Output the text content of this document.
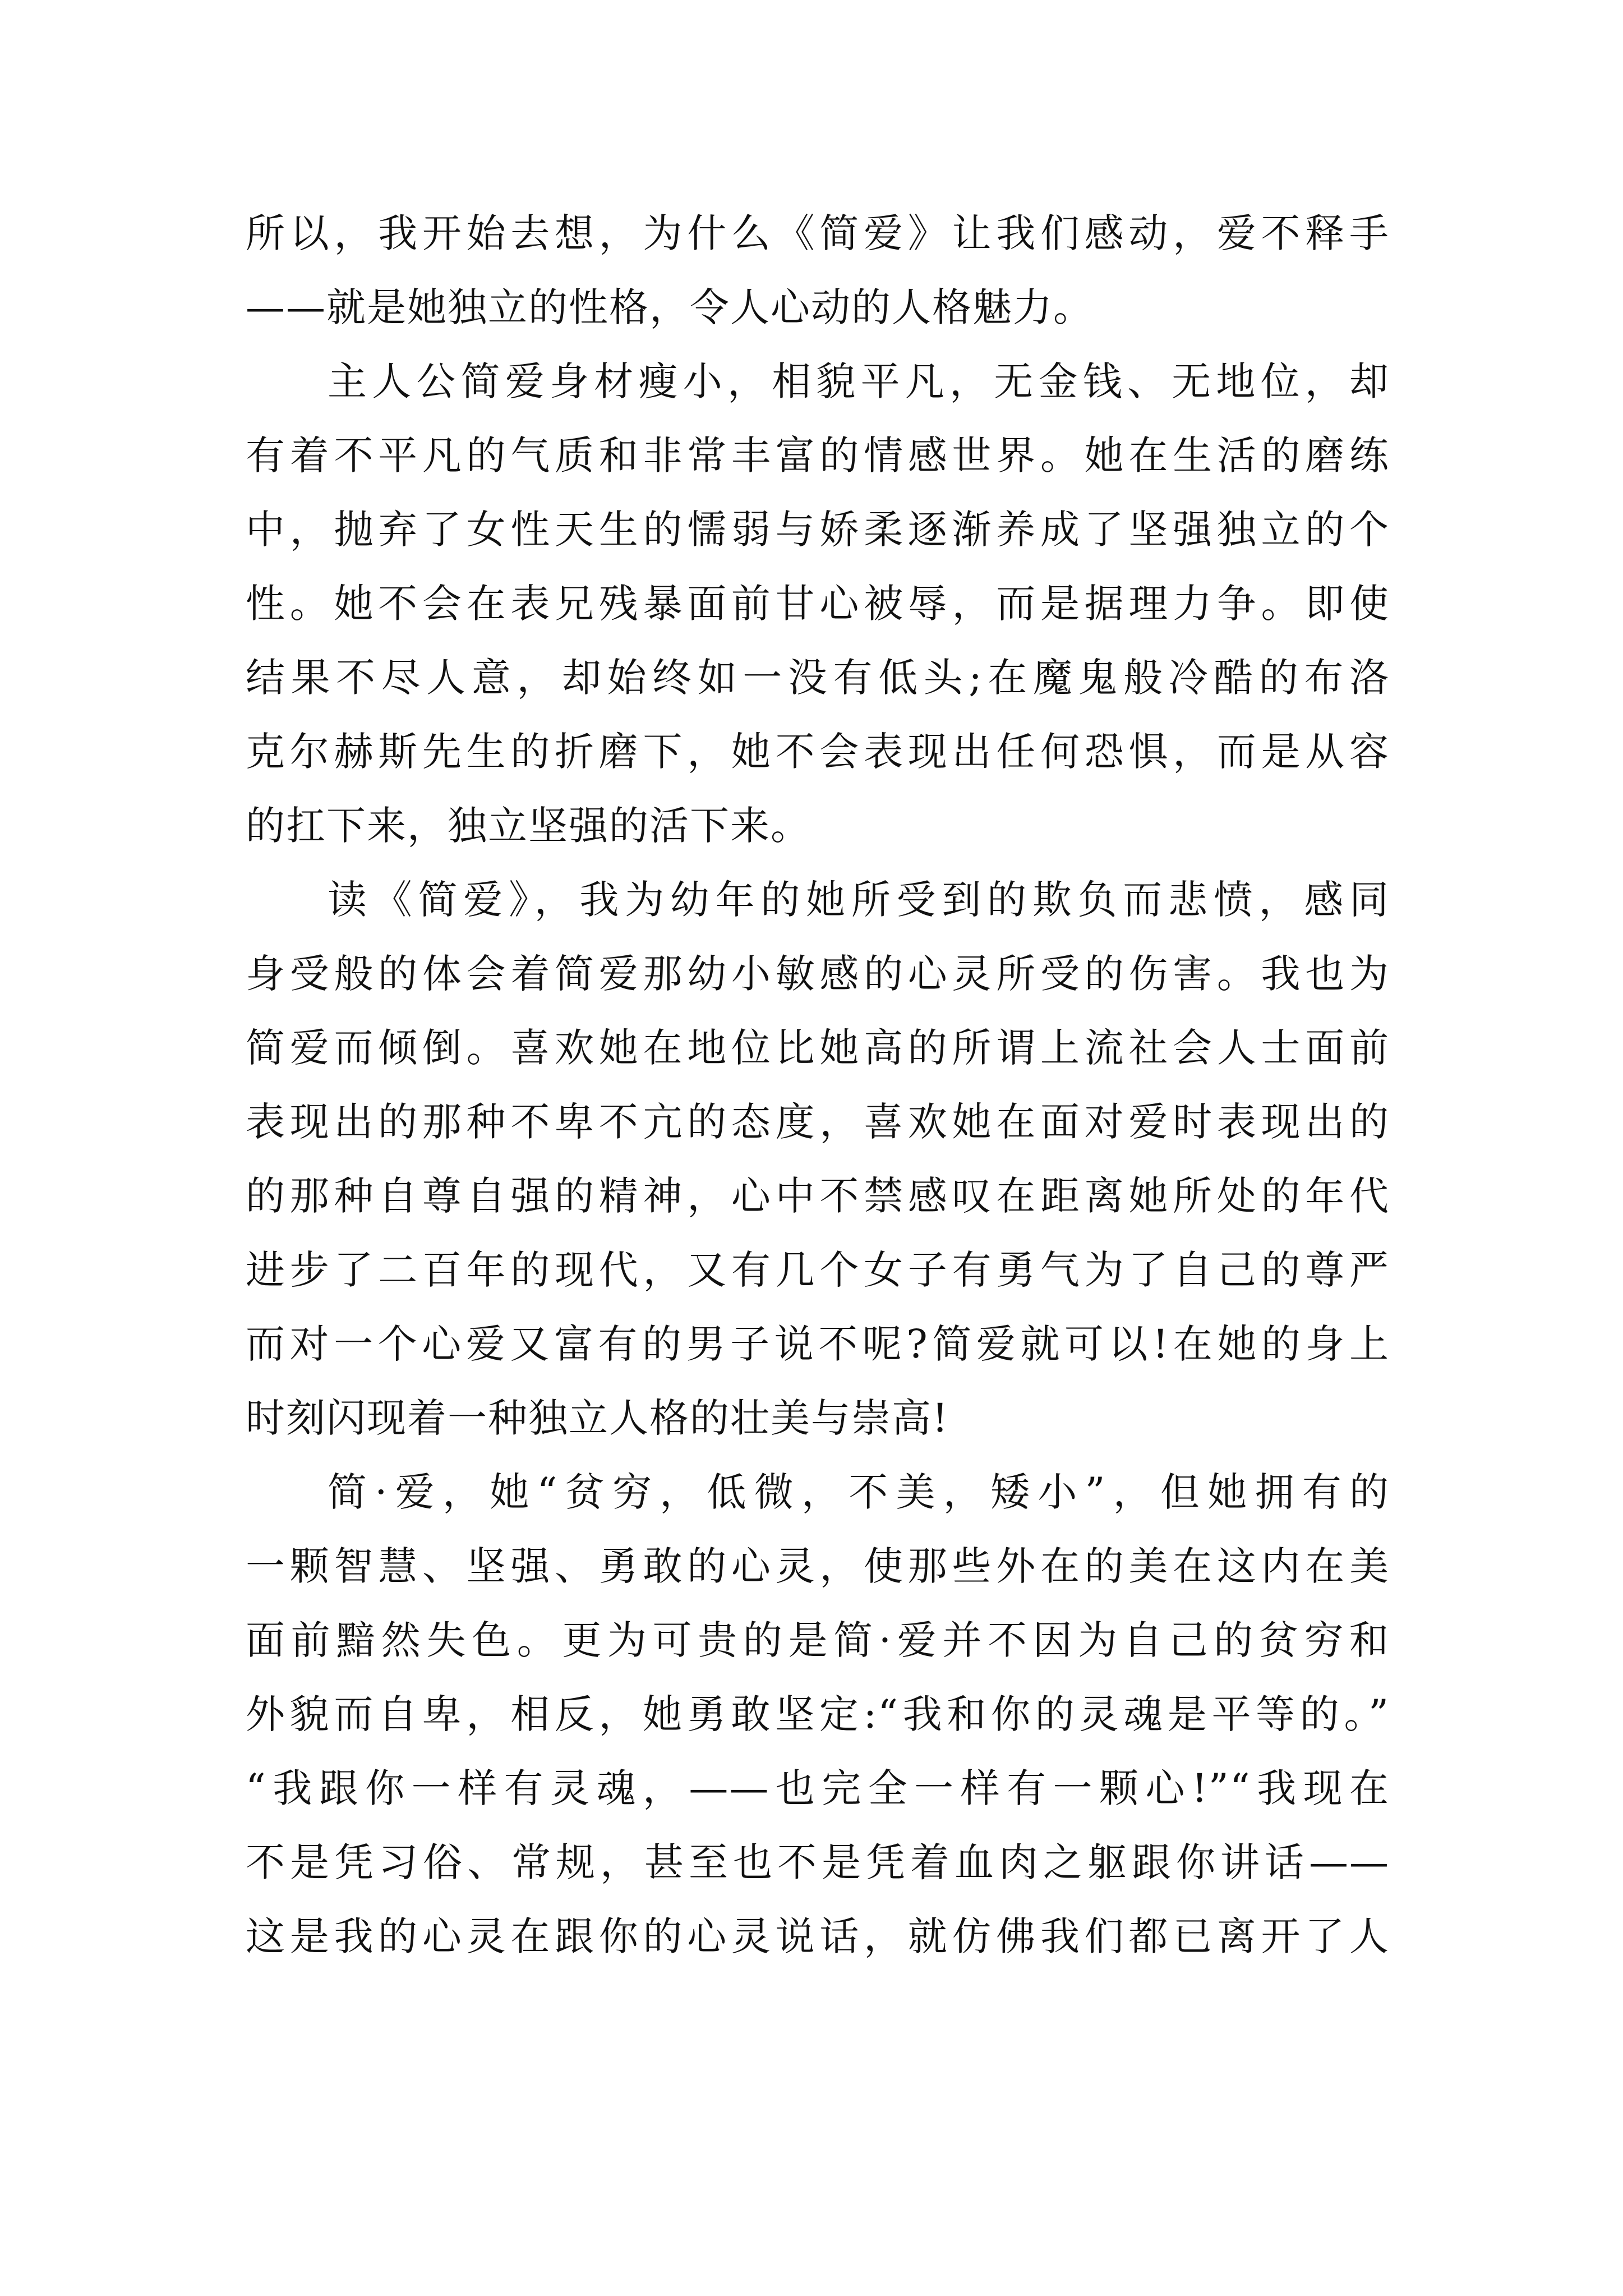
所以，我开始去想，为什么《简爱》让我们感动，爱不释手
——就是她独立的性格，令人心动的人格魅力。
主人公简爱身材瘦小，相貌平凡，无金钱、无地位，却
有着不平凡的气质和非常丰富的情感世界。她在生活的磨练
中，抛弃了女性天生的懦弱与娇柔逐渐养成了坚强独立的个
性。她不会在表兄残暴面前甘心被辱，而是据理力争。即使
结果不尽人意，却始终如一没有低头;在魔鬼般冷酷的布洛
克尔赫斯先生的折磨下，她不会表现出任何恐惧，而是从容
的扛下来，独立坚强的活下来。
读《简爱》，我为幼年的她所受到的欺负而悲愤，感同
身受般的体会着简爱那幼小敏感的心灵所受的伤害。我也为
简爱而倾倒。喜欢她在地位比她高的所谓上流社会人士面前
表现出的那种不卑不亢的态度，喜欢她在面对爱时表现出的
的那种自尊自强的精神，心中不禁感叹在距离她所处的年代
进步了二百年的现代，又有几个女子有勇气为了自己的尊严
而对一个心爱又富有的男子说不呢?简爱就可以!在她的身上
时刻闪现着一种独立人格的壮美与崇高!
简·爱，她“贫穷，低微，不美，矮小”，但她拥有的
一颗智慧、坚强、勇敢的心灵，使那些外在的美在这内在美
面前黯然失色。更为可贵的是简·爱并不因为自己的贫穷和
外貌而自卑，相反，她勇敢坚定:“我和你的灵魂是平等的。”
“我跟你一样有灵魂，——也完全一样有一颗心!”“我现在
不是凭习俗、常规，甚至也不是凭着血肉之躯跟你讲话——
这是我的心灵在跟你的心灵说话，就仿佛我们都已离开了人
